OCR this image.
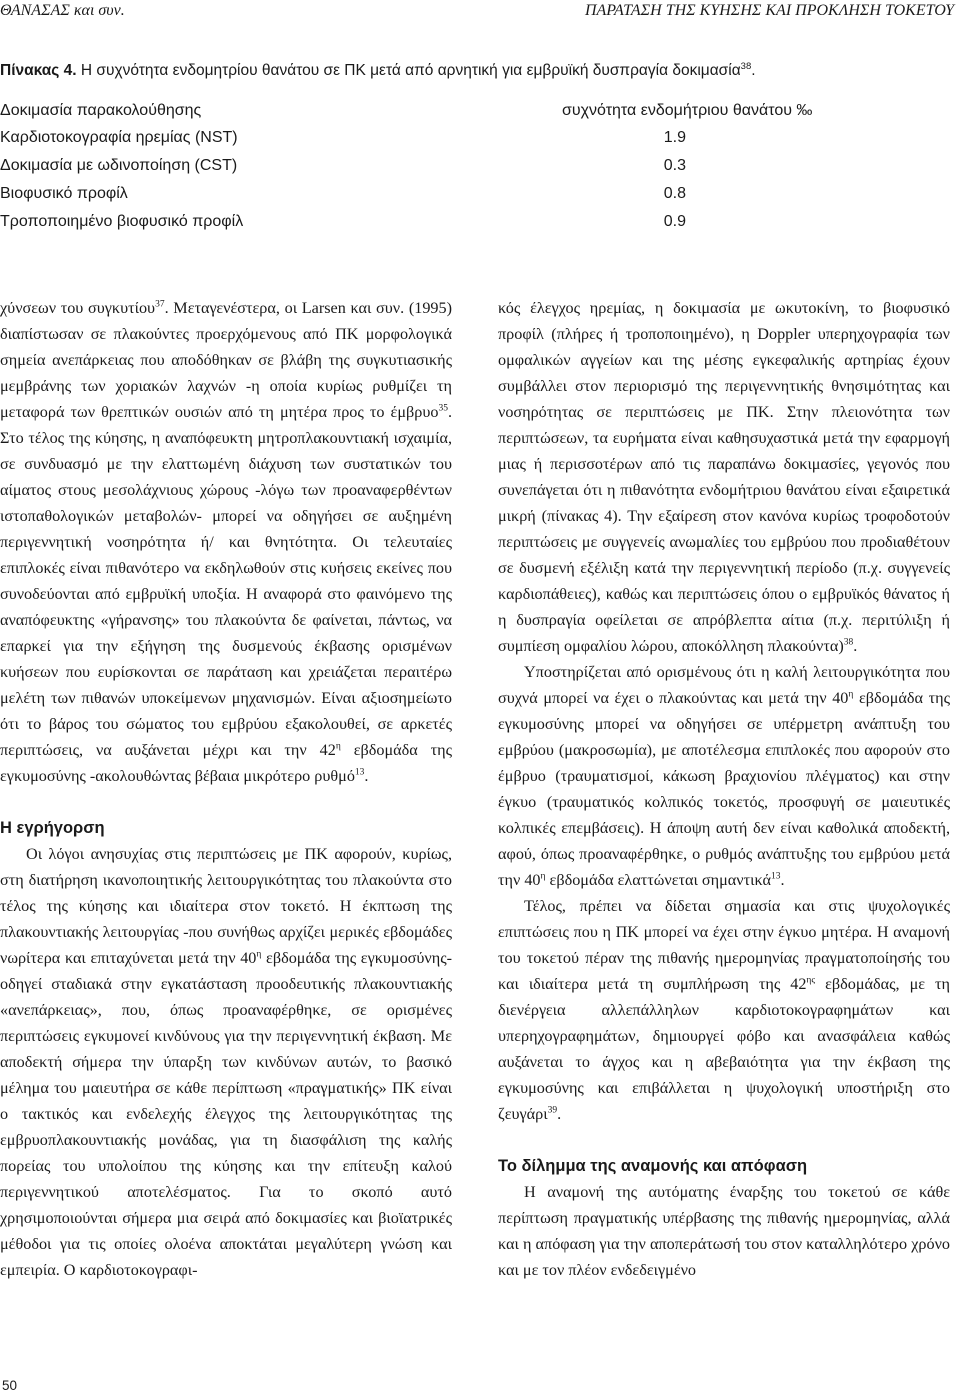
ΘΑΝΑΣΑΣ και συν.	ΠΑΡΑΤΑΣΗ ΤΗΣ ΚΥΗΣΗΣ ΚΑΙ ΠΡΟΚΛΗΣΗ ΤΟΚΕΤΟΥ
Πίνακας 4. Η συχνότητα ενδομητρίου θανάτου σε ΠΚ μετά από αρνητική για εμβρυϊκή δυσπραγία δοκιμασία$^{38}$.
Δοκιμασία παρακολούθησης	συχνότητα ενδομήτριου θανάτου ‰
Καρδιοτοκογραφία ηρεμίας (NST)	1.9
Δοκιμασία με ωδινοποίηση (CST)	0.3
Βιοφυσικό προφίλ	0.8
Τροποποιημένο βιοφυσικό προφίλ	0.9

χύνσεων του συγκυτίου$^{37}$. Μεταγενέστερα, οι Larsen και συν. (1995) διαπίστωσαν σε πλακούντες προερχόμενους από ΠΚ μορφολογικά σημεία ανεπάρκειας που αποδόθηκαν σε βλάβη της συγκυτιασικής μεμβράνης των χοριακών λαχνών -η οποία κυρίως ρυθμίζει τη μεταφορά των θρεπτικών ουσιών από τη μητέρα προς το έμβρυο$^{35}$. Στο τέλος της κύησης, η αναπόφευκτη μητροπλακουντιακή ισχαιμία, σε συνδυασμό με την ελαττωμένη διάχυση των συστατικών του αίματος στους μεσολάχνιους χώρους -λόγω των προαναφερθέντων ιστοπαθολογικών μεταβολών- μπορεί να οδηγήσει σε αυξημένη περιγεννητική νοσηρότητα ή/ και θνητότητα. Οι τελευταίες επιπλοκές είναι πιθανότερο να εκδηλωθούν στις κυήσεις εκείνες που συνοδεύονται από εμβρυϊκή υποξία. Η αναφορά στο φαινόμενο της αναπόφευκτης «γήρανσης» του πλακούντα δε φαίνεται, πάντως, να επαρκεί για την εξήγηση της δυσμενούς έκβασης ορισμένων κυήσεων που ευρίσκονται σε παράταση και χρειάζεται περαιτέρω μελέτη των πιθανών υποκείμενων μηχανισμών. Είναι αξιοσημείωτο ότι το βάρος του σώματος του εμβρύου εξακολουθεί, σε αρκετές περιπτώσεις, να αυξάνεται μέχρι και την $42^\eta$ εβδομάδα της εγκυμοσύνης -ακολουθώντας βέβαια μικρότερο ρυθμό$^{13}$.

Η εγρήγορση

Οι λόγοι ανησυχίας στις περιπτώσεις με ΠΚ αφορούν, κυρίως, στη διατήρηση ικανοποιητικής λειτουργικότητας του πλακούντα στο τέλος της κύησης και ιδιαίτερα στον τοκετό. Η έκπτωση της πλακουντιακής λειτουργίας -που συνήθως αρχίζει μερικές εβδομάδες νωρίτερα και επιταχύνεται μετά την $40^\eta$ εβδομάδα της εγκυμοσύνης- οδηγεί σταδιακά στην εγκατάσταση προοδευτικής πλακουντιακής «ανεπάρκειας», που, όπως προαναφέρθηκε, σε ορισμένες περιπτώσεις εγκυμονεί κινδύνους για την περιγεννητική έκβαση. Με αποδεκτή σήμερα την ύπαρξη των κινδύνων αυτών, το βασικό μέλημα του μαιευτήρα σε κάθε περίπτωση «πραγματικής» ΠΚ είναι ο τακτικός και ενδελεχής έλεγχος της λειτουργικότητας της εμβρυοπλακουντιακής μονάδας, για τη διασφάλιση της καλής πορείας του υπολοίπου της κύησης και την επίτευξη καλού περιγεννητικού αποτελέσματος. Για το σκοπό αυτό χρησιμοποιούνται σήμερα μια σειρά από δοκιμασίες και βιοϊατρικές μέθοδοι για τις οποίες ολοένα αποκτάται μεγαλύτερη γνώση και εμπειρία. Ο καρδιοτοκογραφι-

κός έλεγχος ηρεμίας, η δοκιμασία με ωκυτοκίνη, το βιοφυσικό προφίλ (πλήρες ή τροποποιημένο), η Doppler υπερηχογραφία των ομφαλικών αγγείων και της μέσης εγκεφαλικής αρτηρίας έχουν συμβάλλει στον περιορισμό της περιγεννητικής θνησιμότητας και νοσηρότητας σε περιπτώσεις με ΠΚ. Στην πλειονότητα των περιπτώσεων, τα ευρήματα είναι καθησυχαστικά μετά την εφαρμογή μιας ή περισσοτέρων από τις παραπάνω δοκιμασίες, γεγονός που συνεπάγεται ότι η πιθανότητα ενδομήτριου θανάτου είναι εξαιρετικά μικρή (πίνακας 4). Την εξαίρεση στον κανόνα κυρίως τροφοδοτούν περιπτώσεις με συγγενείς ανωμαλίες του εμβρύου που προδιαθέτουν σε δυσμενή εξέλιξη κατά την περιγεννητική περίοδο (π.χ. συγγενείς καρδιοπάθειες), καθώς και περιπτώσεις όπου ο εμβρυϊκός θάνατος ή η δυσπραγία οφείλεται σε απρόβλεπτα αίτια (π.χ. περιτύλιξη ή συμπίεση ομφαλίου λώρου, αποκόλληση πλακούντα)$^{38}$.

Υποστηρίζεται από ορισμένους ότι η καλή λειτουργικότητα που συχνά μπορεί να έχει ο πλακούντας και μετά την $40^\eta$ εβδομάδα της εγκυμοσύνης μπορεί να οδηγήσει σε υπέρμετρη ανάπτυξη του εμβρύου (μακροσωμία), με αποτέλεσμα επιπλοκές που αφορούν στο έμβρυο (τραυματισμοί, κάκωση βραχιονίου πλέγματος) και στην έγκυο (τραυματικός κολπικός τοκετός, προσφυγή σε μαιευτικές κολπικές επεμβάσεις). Η άποψη αυτή δεν είναι καθολικά αποδεκτή, αφού, όπως προαναφέρθηκε, ο ρυθμός ανάπτυξης του εμβρύου μετά την $40^\eta$ εβδομάδα ελαττώνεται σημαντικά$^{13}$.

Τέλος, πρέπει να δίδεται σημασία και στις ψυχολογικές επιπτώσεις που η ΠΚ μπορεί να έχει στην έγκυο μητέρα. Η αναμονή του τοκετού πέραν της πιθανής ημερομηνίας πραγματοποίησής του και ιδιαίτερα μετά τη συμπλήρωση της $42^{\eta\varsigma}$ εβδομάδας, με τη διενέργεια αλλεπάλληλων καρδιοτοκογραφημάτων και υπερηχογραφημάτων, δημιουργεί φόβο και ανασφάλεια καθώς αυξάνεται το άγχος και η αβεβαιότητα για την έκβαση της εγκυμοσύνης και επιβάλλεται η ψυχολογική υποστήριξη στο ζευγάρι$^{39}$.

Το δίλημμα της αναμονής και απόφαση

Η αναμονή της αυτόματης έναρξης του τοκετού σε κάθε περίπτωση πραγματικής υπέρβασης της πιθανής ημερομηνίας, αλλά και η απόφαση για την αποπεράτωσή του στον καταλληλότερο χρόνο και με τον πλέον ενδεδειγμένο

50
